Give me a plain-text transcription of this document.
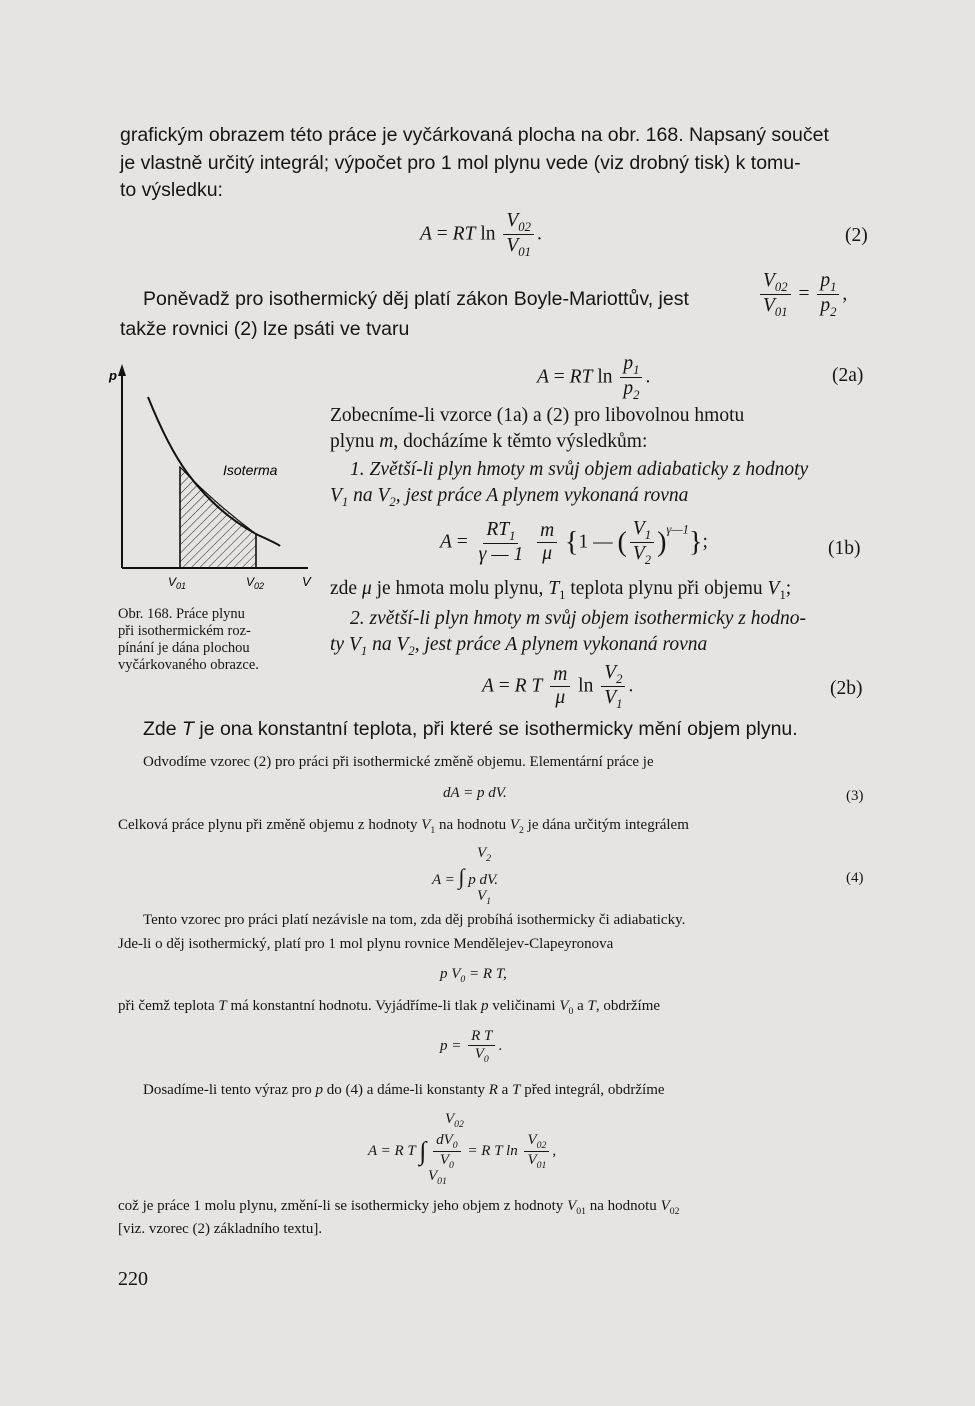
grafickým obrazem této práce je vyčárkovaná plocha na obr. 168. Napsaný součet
je vlastně určitý integrál; výpočet pro 1 mol plynu vede (viz drobný tisk) k tomu-
to výsledku:
A = RT $\ln \frac{V_{02}}{V_{01}}$ .	(2)
Poněvadž pro isothermický děj platí zákon Boyle-Mariottův, jest	$\frac{V_{02}}{V_{01}} = \frac{p_1}{p_2}$ ,
takže rovnici (2) lze psáti ve tvaru
A = RT $\ln \frac{p_1}{p_2}$ .	(2a)
p
Isoterma
$V_{01}$	$V_{02}$	V
Obr. 168. Práce plynu
při isothermickém roz-
pínání je dána plochou
vyčárkovaného obrazce.
Zobecníme-li vzorce (1a) a (2) pro libovolnou hmotu
plynu m, docházíme k těmto výsledkům:
1. Zvětší-li plyn hmoty m svůj objem adiabaticky z hodnoty
$V_1$ na $V_2$, jest práce A plynem vykonaná rovna
$A = \frac{RT_1}{\gamma — 1}$
$\frac{m}{\mu} \{1$ — ( $\frac{V_1}{V_2} )^{\gamma—1}$};	(1b)
zde μ je hmota molu plynu, $T_1$ teplota plynu při objemu $V_1$;
2. zvětší-li plyn hmoty m svůj objem isothermicky z hodno-
ty $V_1$ na $V_2$, jest práce A plynem vykonaná rovna
A = R T $\frac{m}{\mu}$ $\ln \frac{V_2}{V_1}$ .	(2b)
Zde T je ona konstantní teplota, při které se isothermicky mění objem plynu.
Odvodíme vzorec (2) pro práci při isothermické změně objemu. Elementární práce je
dA = p dV.	(3)
Celková práce plynu při změně objemu z hodnoty $V_1$ na hodnotu $V_2$ je dána určitým integrálem
$V_2$
A = ∫ p dV.
$V_1$
(4)
Tento vzorec pro práci platí nezávisle na tom, zda děj probíhá isothermicky či adiabaticky.
Jde-li o děj isothermický, platí pro 1 mol plynu rovnice Mendělejev-Clapeyronova
p $V_0 = R$ T,
při čemž teplota T má konstantní hodnotu. Vyjádříme-li tlak p veličinami $V_0$ a T, obdržíme
$p = \frac{\text{R T}}{V_0}$ .
Dosadíme-li tento výraz pro p do (4) a dáme-li konstanty R a T před integrál, obdržíme
$V_{02}$
A = R T ∫ $\frac{dV_0}{V_0} = R$ T $\ln \frac{V_{02}}{V_{01}}$ ,
$V_{01}$
což je práce 1 molu plynu, změní-li se isothermicky jeho objem z hodnoty $V_{01}$ na hodnotu $V_{02}$
[viz. vzorec (2) základního textu].
220
